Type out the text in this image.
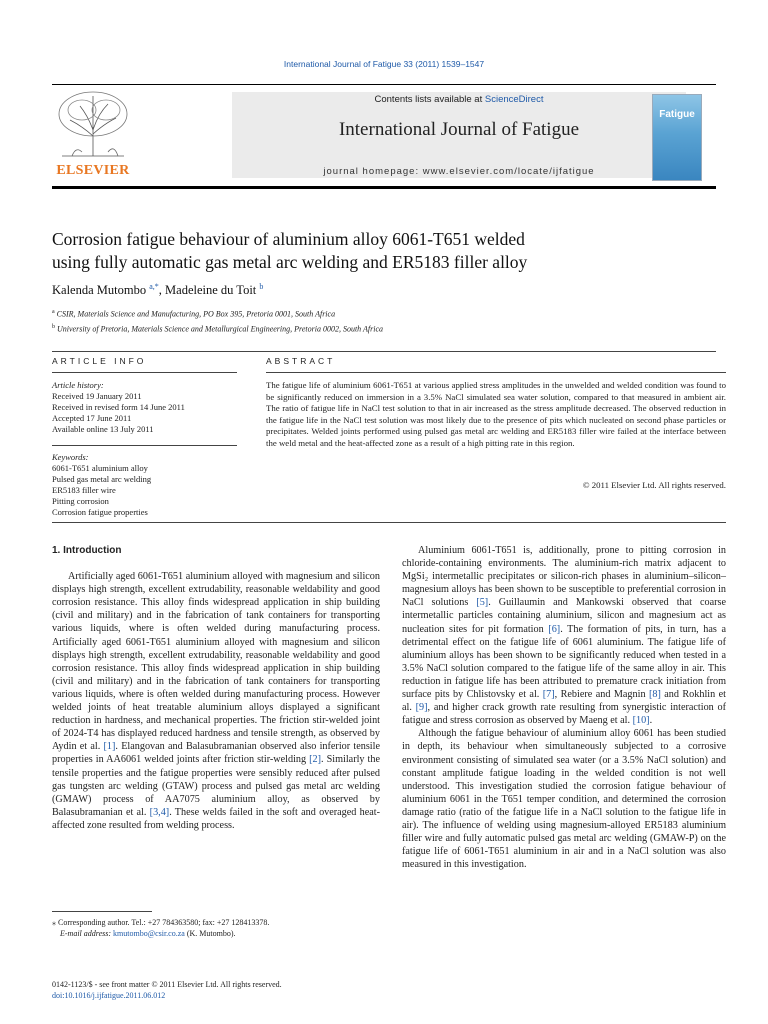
International Journal of Fatigue 33 (2011) 1539–1547
ELSEVIER
Contents lists available at ScienceDirect
International Journal of Fatigue
journal homepage: www.elsevier.com/locate/ijfatigue
Fatigue
Corrosion fatigue behaviour of aluminium alloy 6061-T651 welded
using fully automatic gas metal arc welding and ER5183 filler alloy
Kalenda Mutombo $^{a,*}$, Madeleine du Toit $^b$
$^a$ CSIR, Materials Science and Manufacturing, PO Box 395, Pretoria 0001, South Africa
$^b$ University of Pretoria, Materials Science and Metallurgical Engineering, Pretoria 0002, South Africa
ARTICLE INFO	ABSTRACT
Article history:
Received 19 January 2011
Received in revised form 14 June 2011
Accepted 17 June 2011
Available online 13 July 2011
Keywords:
6061-T651 aluminium alloy
Pulsed gas metal arc welding
ER5183 filler wire
Pitting corrosion
Corrosion fatigue properties
The fatigue life of aluminium 6061-T651 at various applied stress amplitudes in the unwelded and welded condition was found to be significantly reduced on immersion in a 3.5% NaCl simulated sea water solution, compared to that measured in ambient air. The ratio of fatigue life in NaCl test solution to that in air increased as the stress amplitude decreased. The observed reduction in the fatigue life in the NaCl test solution was most likely due to the presence of pits which nucleated on second phase particles or precipitates. Welded joints performed using pulsed gas metal arc welding and ER5183 filler wire failed at the interface between the weld metal and the heat-affected zone as a result of a high pitting rate in this region.
© 2011 Elsevier Ltd. All rights reserved.
1. Introduction

Artificially aged 6061-T651 aluminium alloyed with magnesium and silicon displays high strength, excellent extrudability, reasonable weldability and good corrosion resistance. This alloy finds widespread application in ship building (civil and military) and in the fabrication of tank containers for transporting various liquids, where is often welded during manufacturing process. Artificially aged 6061-T651 aluminium alloyed with magnesium and silicon displays high strength, excellent extrudability, reasonable weldability and good corrosion resistance. This alloy finds widespread application in ship building (civil and military) and in the fabrication of tank containers for transporting various liquids, where is often welded during manufacturing process. However welded joints of heat treatable aluminium alloys displayed a significant reduction in hardness, and mechanical properties. The friction stir-welded joint of 2024-T4 has displayed reduced hardness and tensile strength, as observed by Aydin et al. [1]. Elangovan and Balasubramanian observed also inferior tensile properties in AA6061 welded joints after friction stir-welding [2]. Similarly the tensile properties and the fatigue properties were sensibly reduced after pulsed gas tungsten arc welding (GTAW) process and pulsed gas metal arc welding (GMAW) process of AA7075 aluminium alloy, as observed by Balasubramanian et al. [3,4]. These welds failed in the soft and overaged heat-affected zone resulted from welding process.

Aluminium 6061-T651 is, additionally, prone to pitting corrosion in chloride-containing environments. The aluminium-rich matrix adjacent to MgSi₂ intermetallic precipitates or silicon-rich phases in aluminium–silicon–magnesium alloys has been shown to be susceptible to preferential corrosion in NaCl solutions [5]. Guillaumin and Mankowski observed that coarse intermetallic particles containing aluminium, silicon and magnesium act as nucleation sites for pit formation [6]. The formation of pits, in turn, has a detrimental effect on the fatigue life of 6061 aluminium. The fatigue life of aluminium alloys has been shown to be significantly reduced when tested in a 3.5% NaCl solution compared to the fatigue life of the same alloy in air. This reduction in fatigue life has been attributed to premature crack initiation from surface pits by Chlistovsky et al. [7], Rebiere and Magnin [8] and Rokhlin et al. [9], and higher crack growth rate resulting from synergistic interaction of fatigue and stress corrosion as observed by Maeng et al. [10].

Although the fatigue behaviour of aluminium alloy 6061 has been studied in depth, its behaviour when simultaneously subjected to a corrosive environment consisting of simulated sea water (or a 3.5% NaCl solution) and constant amplitude fatigue loading in the welded condition is not well understood. This investigation studied the corrosion fatigue behaviour of aluminium 6061 in the T651 temper condition, and determined the corrosion damage ratio (ratio of the fatigue life in a NaCl solution to the fatigue life in air). The influence of welding using magnesium-alloyed ER5183 aluminium filler wire and fully automatic pulsed gas metal arc welding (GMAW-P) on the fatigue life of 6061-T651 aluminium in air and in a NaCl solution was also measured in this investigation.

⁎ Corresponding author. Tel.: +27 784363580; fax: +27 128413378.
E-mail address: kmutombo@csir.co.za (K. Mutombo).
0142-1123/$ - see front matter © 2011 Elsevier Ltd. All rights reserved.
doi:10.1016/j.ijfatigue.2011.06.012
